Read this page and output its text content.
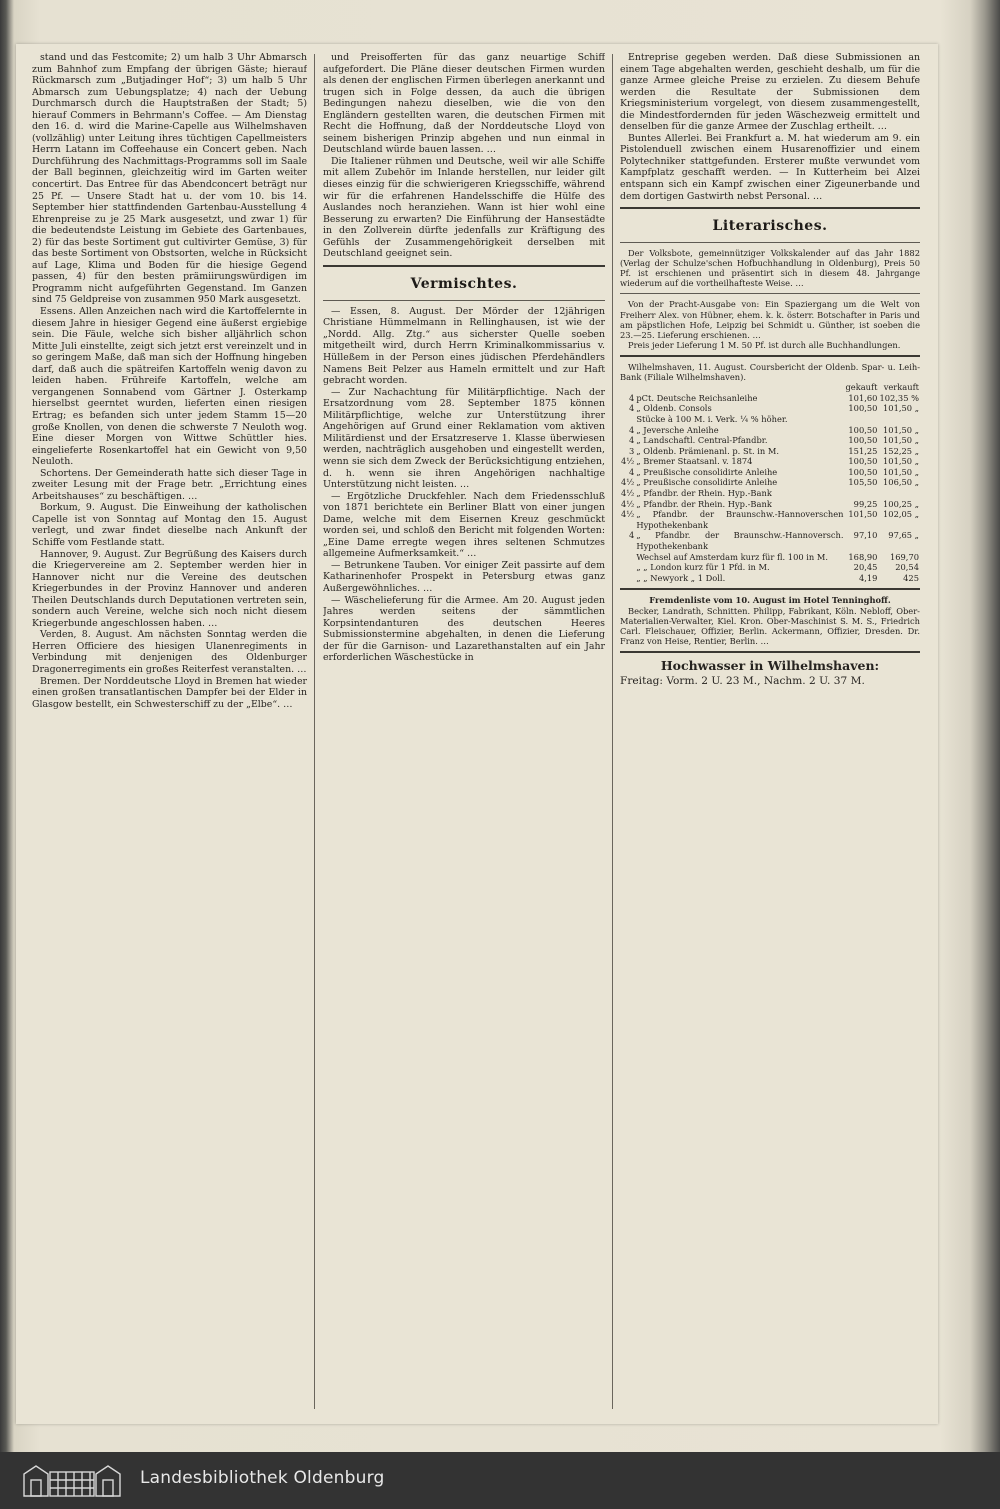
stand und das Festcomite; 2) um halb 3 Uhr Abmarsch zum Bahnhof zum Empfang der übrigen Gäste; hierauf Rückmarsch zum „Butjadinger Hof“; 3) um halb 5 Uhr Abmarsch zum Uebungsplatze; 4) nach der Uebung Durchmarsch durch die Hauptstraßen der Stadt; 5) hierauf Commers in Behrmann's Coffee. — Am Dienstag den 16. d. wird die Marine-Capelle aus Wilhelmshaven (vollzählig) unter Leitung ihres tüchtigen Capellmeisters Herrn Latann im Coffeehause ein Concert geben. Nach Durchführung des Nachmittags-Programms soll im Saale der Ball beginnen, gleichzeitig wird im Garten weiter concertirt. Das Entree für das Abendconcert beträgt nur 25 Pf. — Unsere Stadt hat u. der vom 10. bis 14. September hier stattfindenden Gartenbau-Ausstellung 4 Ehrenpreise zu je 25 Mark ausgesetzt, und zwar 1) für die bedeutendste Leistung im Gebiete des Gartenbaues, 2) für das beste Sortiment gut cultivirter Gemüse, 3) für das beste Sortiment von Obstsorten, welche in Rücksicht auf Lage, Klima und Boden für die hiesige Gegend passen, 4) für den besten prämiirungswürdigen im Programm nicht aufgeführten Gegenstand. Im Ganzen sind 75 Geldpreise von zusammen 950 Mark ausgesetzt.

Essens. Allen Anzeichen nach wird die Kartoffelernte in diesem Jahre in hiesiger Gegend eine äußerst ergiebige sein. Die Fäule, welche sich bisher alljährlich schon Mitte Juli einstellte, zeigt sich jetzt erst vereinzelt und in so geringem Maße, daß man sich der Hoffnung hingeben darf, daß auch die spätreifen Kartoffeln wenig davon zu leiden haben. Frühreife Kartoffeln, welche am vergangenen Sonnabend vom Gärtner J. Osterkamp hierselbst geerntet wurden, lieferten einen riesigen Ertrag; es befanden sich unter jedem Stamm 15—20 große Knollen, von denen die schwerste 7 Neuloth wog. Eine dieser Morgen von Wittwe Schüttler hies. eingelieferte Rosenkartoffel hat ein Gewicht von 9,50 Neuloth.

Schortens. Der Gemeinderath hatte sich dieser Tage in zweiter Lesung mit der Frage betr. „Errichtung eines Arbeitshauses“ zu beschäftigen. …

Borkum, 9. August. Die Einweihung der katholischen Capelle ist von Sonntag auf Montag den 15. August verlegt, und zwar findet dieselbe nach Ankunft der Schiffe vom Festlande statt.

Hannover, 9. August. Zur Begrüßung des Kaisers durch die Kriegervereine am 2. September werden hier in Hannover nicht nur die Vereine des deutschen Kriegerbundes in der Provinz Hannover und anderen Theilen Deutschlands durch Deputationen vertreten sein, sondern auch Vereine, welche sich noch nicht diesem Kriegerbunde angeschlossen haben. …

Verden, 8. August. Am nächsten Sonntag werden die Herren Officiere des hiesigen Ulanenregiments in Verbindung mit denjenigen des Oldenburger Dragonerregiments ein großes Reiterfest veranstalten. …

Bremen. Der Norddeutsche Lloyd in Bremen hat wieder einen großen transatlantischen Dampfer bei der Elder in Glasgow bestellt, ein Schwesterschiff zu der „Elbe“. …

und Preisofferten für das ganz neuartige Schiff aufgefordert. Die Pläne dieser deutschen Firmen wurden als denen der englischen Firmen überlegen anerkannt und trugen sich in Folge dessen, da auch die übrigen Bedingungen nahezu dieselben, wie die von den Engländern gestellten waren, die deutschen Firmen mit Recht die Hoffnung, daß der Norddeutsche Lloyd von seinem bisherigen Prinzip abgehen und nun einmal in Deutschland würde bauen lassen. …

Die Italiener rühmen und Deutsche, weil wir alle Schiffe mit allem Zubehör im Inlande herstellen, nur leider gilt dieses einzig für die schwierigeren Kriegsschiffe, während wir für die erfahrenen Handelsschiffe die Hülfe des Auslandes noch heranziehen. Wann ist hier wohl eine Besserung zu erwarten? Die Einführung der Hansestädte in den Zollverein dürfte jedenfalls zur Kräftigung des Gefühls der Zusammengehörigkeit derselben mit Deutschland geeignet sein.

Vermischtes.

— Essen, 8. August. Der Mörder der 12jährigen Christiane Hümmelmann in Rellinghausen, ist wie der „Nordd. Allg. Ztg.“ aus sicherster Quelle soeben mitgetheilt wird, durch Herrn Kriminalkommissarius v. Hülleßem in der Person eines jüdischen Pferdehändlers Namens Beit Pelzer aus Hameln ermittelt und zur Haft gebracht worden.

— Zur Nachachtung für Militärpflichtige. Nach der Ersatzordnung vom 28. September 1875 können Militärpflichtige, welche zur Unterstützung ihrer Angehörigen auf Grund einer Reklamation vom aktiven Militärdienst und der Ersatzreserve 1. Klasse überwiesen werden, nachträglich ausgehoben und eingestellt werden, wenn sie sich dem Zweck der Berücksichtigung entziehen, d. h. wenn sie ihren Angehörigen nachhaltige Unterstützung nicht leisten. …

— Ergötzliche Druckfehler. Nach dem Friedensschluß von 1871 berichtete ein Berliner Blatt von einer jungen Dame, welche mit dem Eisernen Kreuz geschmückt worden sei, und schloß den Bericht mit folgenden Worten: „Eine Dame erregte wegen ihres seltenen Schmutzes allgemeine Aufmerksamkeit.“ …

— Betrunkene Tauben. Vor einiger Zeit passirte auf dem Katharinenhofer Prospekt in Petersburg etwas ganz Außergewöhnliches. …

— Wäschelieferung für die Armee. Am 20. August jeden Jahres werden seitens der sämmtlichen Korpsintendanturen des deutschen Heeres Submissionstermine abgehalten, in denen die Lieferung der für die Garnison- und Lazarethanstalten auf ein Jahr erforderlichen Wäschestücke in

Entreprise gegeben werden. Daß diese Submissionen an einem Tage abgehalten werden, geschieht deshalb, um für die ganze Armee gleiche Preise zu erzielen. Zu diesem Behufe werden die Resultate der Submissionen dem Kriegsministerium vorgelegt, von diesem zusammengestellt, die Mindestfordernden für jeden Wäschezweig ermittelt und denselben für die ganze Armee der Zuschlag ertheilt. …

Buntes Allerlei. Bei Frankfurt a. M. hat wiederum am 9. ein Pistolenduell zwischen einem Husarenoffizier und einem Polytechniker stattgefunden. Ersterer mußte verwundet vom Kampfplatz geschafft werden. — In Kutterheim bei Alzei entspann sich ein Kampf zwischen einer Zigeunerbande und dem dortigen Gastwirth nebst Personal. …

Literarisches.

Der Volksbote, gemeinnütziger Volkskalender auf das Jahr 1882 (Verlag der Schulze'schen Hofbuchhandlung in Oldenburg), Preis 50 Pf. ist erschienen und präsentirt sich in diesem 48. Jahrgange wiederum auf die vortheilhafteste Weise. …

Von der Pracht-Ausgabe von: Ein Spaziergang um die Welt von Freiherr Alex. von Hübner, ehem. k. k. österr. Botschafter in Paris und am päpstlichen Hofe, Leipzig bei Schmidt u. Günther, ist soeben die 23.—25. Lieferung erschienen. …

Preis jeder Lieferung 1 M. 50 Pf. ist durch alle Buchhandlungen.

Wilhelmshaven, 11. August. Coursbericht der Oldenb. Spar- u. Leih-Bank (Filiale Wilhelmshaven).

		gekauft	verkauft
4	pCt. Deutsche Reichsanleihe	101,60	102,35 %
4	„ Oldenb. Consols	100,50	101,50 „
	Stücke à 100 M. i. Verk. ¼ % höher.		
4	„ Jeversche Anleihe	100,50	101,50 „
4	„ Landschaftl. Central-Pfandbr.	100,50	101,50 „
3	„ Oldenb. Prämienanl. p. St. in M.	151,25	152,25 „
4½	„ Bremer Staatsanl. v. 1874	100,50	101,50 „
4	„ Preußische consolidirte Anleihe	100,50	101,50 „
4½	„ Preußische consolidirte Anleihe	105,50	106,50 „
4½	„ Pfandbr. der Rhein. Hyp.-Bank		
4½	„ Pfandbr. der Rhein. Hyp.-Bank	99,25	100,25 „
4½	„ Pfandbr. der Braunschw.-Hannoverschen Hypothekenbank	101,50	102,05 „
4	„ Pfandbr. der Braunschw.-Hannoversch. Hypothekenbank	97,10	97,65 „
	Wechsel auf Amsterdam kurz für fl. 100 in M.	168,90	169,70
	„ „ London kurz für 1 Pfd. in M.	20,45	20,54
	„ „ Newyork „ 1 Doll.	4,19	425

Fremdenliste vom 10. August im Hotel Tenninghoff.

Becker, Landrath, Schnitten. Philipp, Fabrikant, Köln. Nebloff, Ober-Materialien-Verwalter, Kiel. Kron. Ober-Maschinist S. M. S., Friedrich Carl. Fleischauer, Offizier, Berlin. Ackermann, Offizier, Dresden. Dr. Franz von Heise, Rentier, Berlin. …

Hochwasser in Wilhelmshaven:

Freitag: Vorm. 2 U. 23 M., Nachm. 2 U. 37 M.

Landesbibliothek Oldenburg
